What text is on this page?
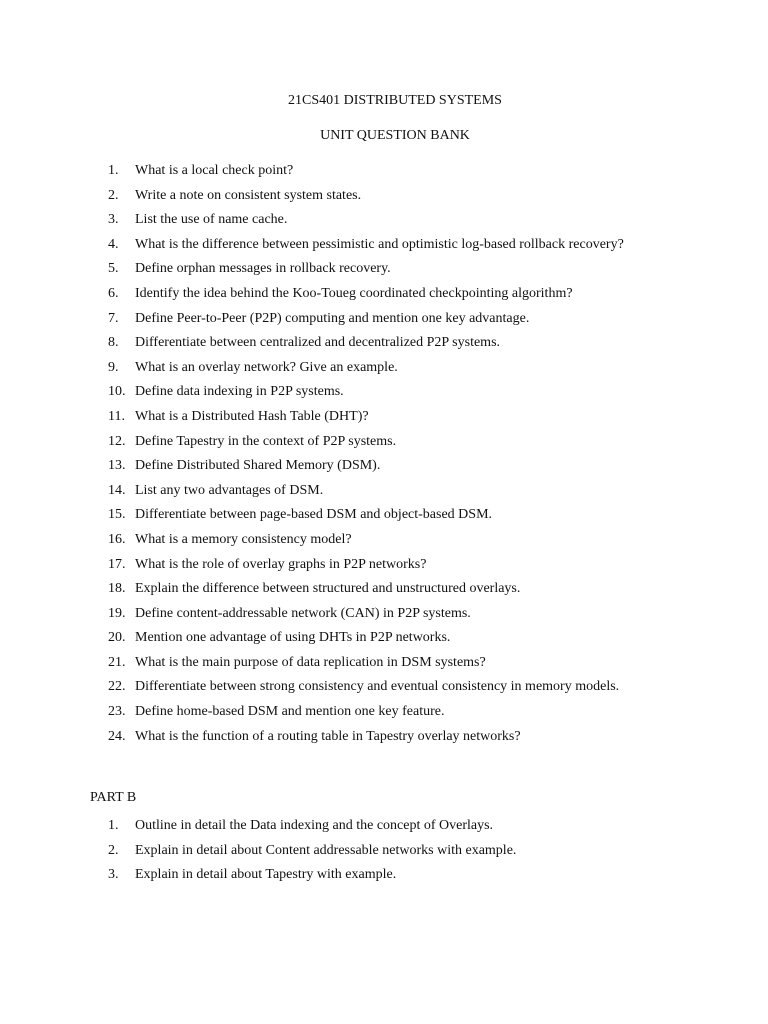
21CS401 DISTRIBUTED SYSTEMS
UNIT QUESTION BANK
1.	What is a local check point?
2.	Write a note on consistent system states.
3.	List the use of name cache.
4.	What is the difference between pessimistic and optimistic log-based rollback recovery?
5.	Define orphan messages in rollback recovery.
6.	Identify the idea behind the Koo-Toueg coordinated checkpointing algorithm?
7.	Define Peer-to-Peer (P2P) computing and mention one key advantage.
8.	Differentiate between centralized and decentralized P2P systems.
9.	What is an overlay network? Give an example.
10. Define data indexing in P2P systems.
11. What is a Distributed Hash Table (DHT)?
12. Define Tapestry in the context of P2P systems.
13. Define Distributed Shared Memory (DSM).
14. List any two advantages of DSM.
15. Differentiate between page-based DSM and object-based DSM.
16. What is a memory consistency model?
17. What is the role of overlay graphs in P2P networks?
18. Explain the difference between structured and unstructured overlays.
19. Define content-addressable network (CAN) in P2P systems.
20. Mention one advantage of using DHTs in P2P networks.
21. What is the main purpose of data replication in DSM systems?
22. Differentiate between strong consistency and eventual consistency in memory models.
23. Define home-based DSM and mention one key feature.
24. What is the function of a routing table in Tapestry overlay networks?
PART B
1.	Outline in detail the Data indexing and the concept of Overlays.
2.	Explain in detail about Content addressable networks with example.
3.	Explain in detail about Tapestry with example.
